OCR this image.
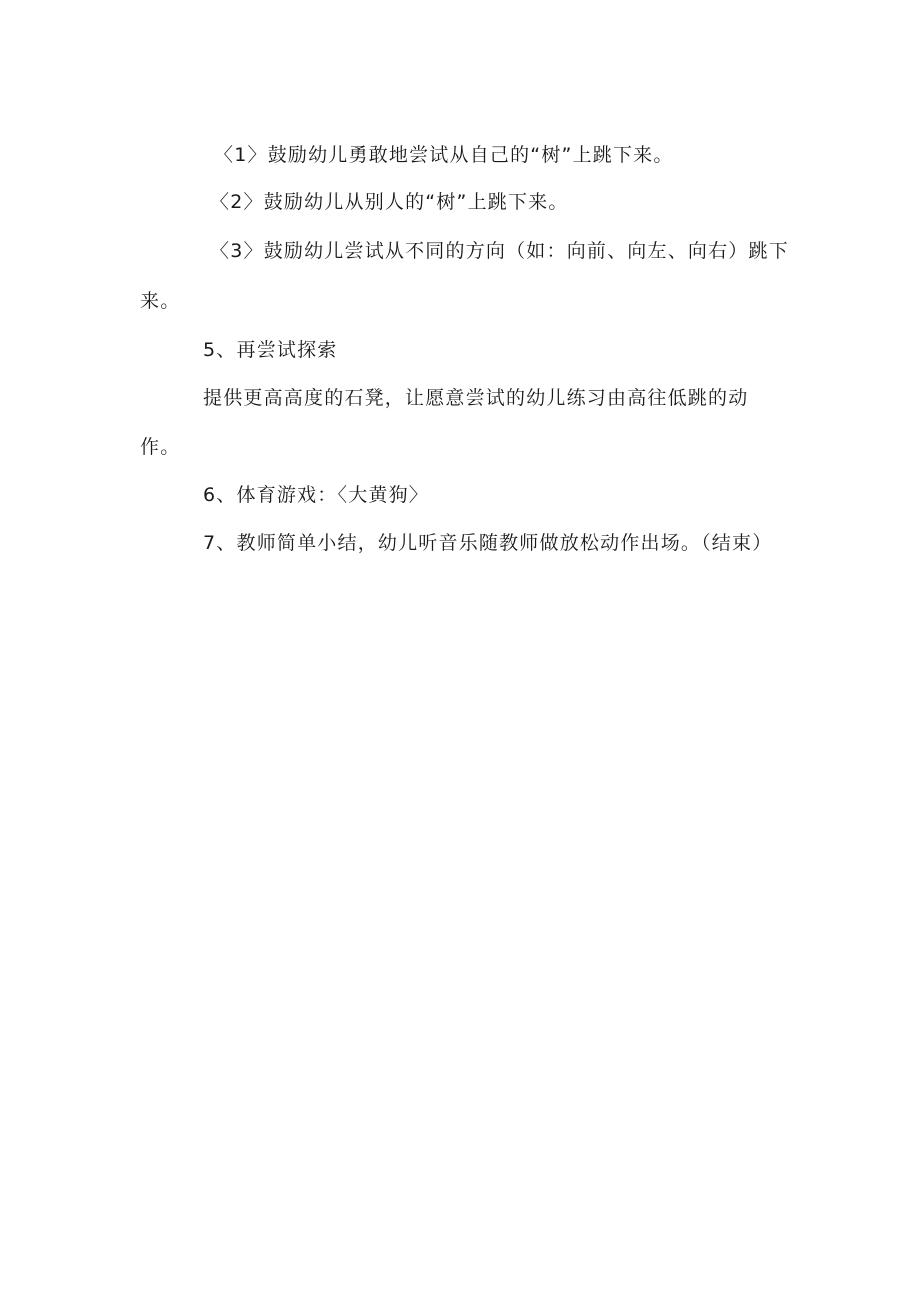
〈1〉鼓励幼儿勇敢地尝试从自己的“树”上跳下来。
〈2〉鼓励幼儿从别人的“树”上跳下来。
〈3〉鼓励幼儿尝试从不同的方向（如：向前、向左、向右）跳下
来。
5、再尝试探索
提供更高高度的石凳，让愿意尝试的幼儿练习由高往低跳的动
作。
6、体育游戏：〈大黄狗〉
7、教师简单小结，幼儿听音乐随教师做放松动作出场。（结束）
